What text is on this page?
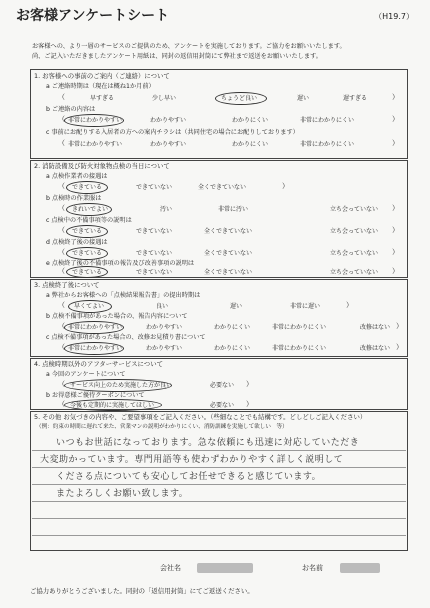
お客様アンケートシート	（H19.7）
お客様への、より一層のサービスのご提供のため、アンケートを実施しております。ご協力をお願いいたします。
尚、ご記入いただきましたアンケート用紙は、同封の返信用封筒にて弊社まで返送をお願いいたします。
1. お客様への事前のご案内（ご連絡）について
a ご連絡時期は（現在は概ね1か月前）
（	早すぎる	少し早い	ちょうど良い	遅い	遅すぎる	）
b ご連絡の内容は
（ 非常にわかりやすい	わかりやすい	わかりにくい	非常にわかりにくい	）
c 事前にお配りする入居者の方への案内チラシは（共同住宅の場合にお配りしております）
（ 非常にわかりやすい	わかりやすい	わかりにくい	非常にわかりにくい	）
2. 消防設備及び防火対象物点検の当日について
a 点検作業者の接遇は
（ できている	できていない	全くできていない	）
b 点検時の作業服は
（ きれいでよい	汚い	非常に汚い	立ち会っていない ）
c 点検中の不備事項等の説明は
（ できている	できていない	全くできていない	立ち会っていない ）
d 点検終了後の接遇は
（ できている	できていない	全くできていない	立ち会っていない ）
e 点検終了後の不備事項の報告及び改善事項の説明は
（ できている	できていない	全くできていない	立ち会っていない ）
3. 点検終了後について
a 弊社からお客様への「点検結果報告書」の提出時期は
（ 早くてよい	良い	遅い	非常に遅い	）
b 点検不備事項があった場合の、報告内容について
（ 非常にわかりやすい	わかりやすい	わかりにくい	非常にわかりにくい	改修はない ）
c 点検不備事項があった場合の、改修お見積り書について
（ 非常にわかりやすい	わかりやすい	わかりにくい	非常にわかりにくい	改修はない ）
4. 点検時期以外のアフターサービスについて
a 今回のアンケートについて
（ サービス向上のため実施した方が良い	必要ない ）
b お得意様ご優待クーポンについて
（ 今後も定期的に実施してほしい	必要ない ）
5. その他 お気づきの内容や、ご要望事項をご記入ください。（些細なことでも結構です。どしどしご記入ください）
（例：約束の時間に遅れて来た、営業マンの説明がわかりにくい、消防訓練を実施して欲しい　等）
いつもお世話になっております。急な依頼にも迅速に対応していただき
大変助かっています。専門用語等も使わずわかりやすく詳しく説明して
くださる点についても安心してお任せできると感じています。
またよろしくお願い致します。
会社名	お名前
ご協力ありがとうございました。同封の「返信用封筒」にてご返送ください。
